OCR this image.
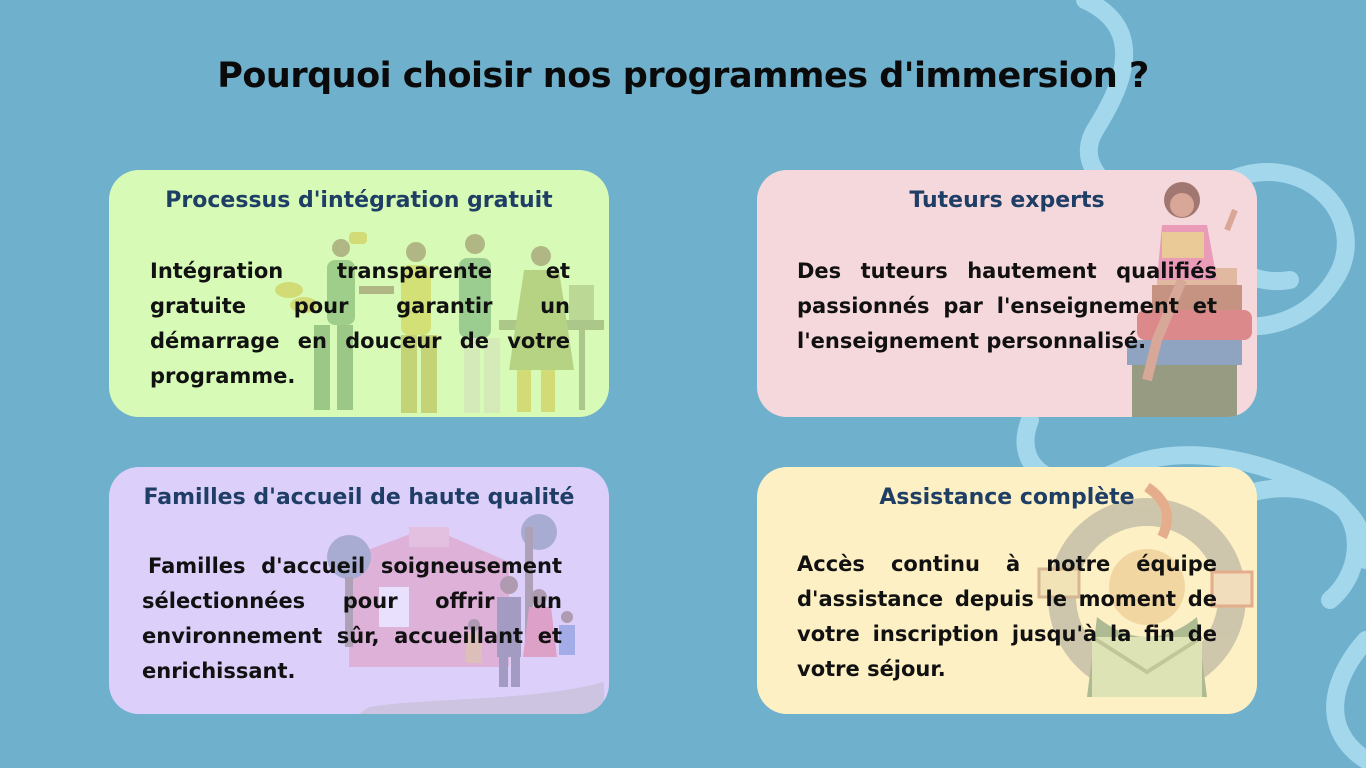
Pourquoi choisir nos programmes d'immersion ?
Processus d'intégration gratuit

Intégration transparente et gratuite pour garantir un démarrage en douceur de votre programme.

Tuteurs experts

Des tuteurs hautement qualifiés passionnés par l'enseignement et l'enseignement personnalisé.

Familles d'accueil de haute qualité

Familles d'accueil soigneusement sélectionnées pour offrir un environnement sûr, accueillant et enrichissant.

Assistance complète

Accès continu à notre équipe d'assistance depuis le moment de votre inscription jusqu'à la fin de votre séjour.
